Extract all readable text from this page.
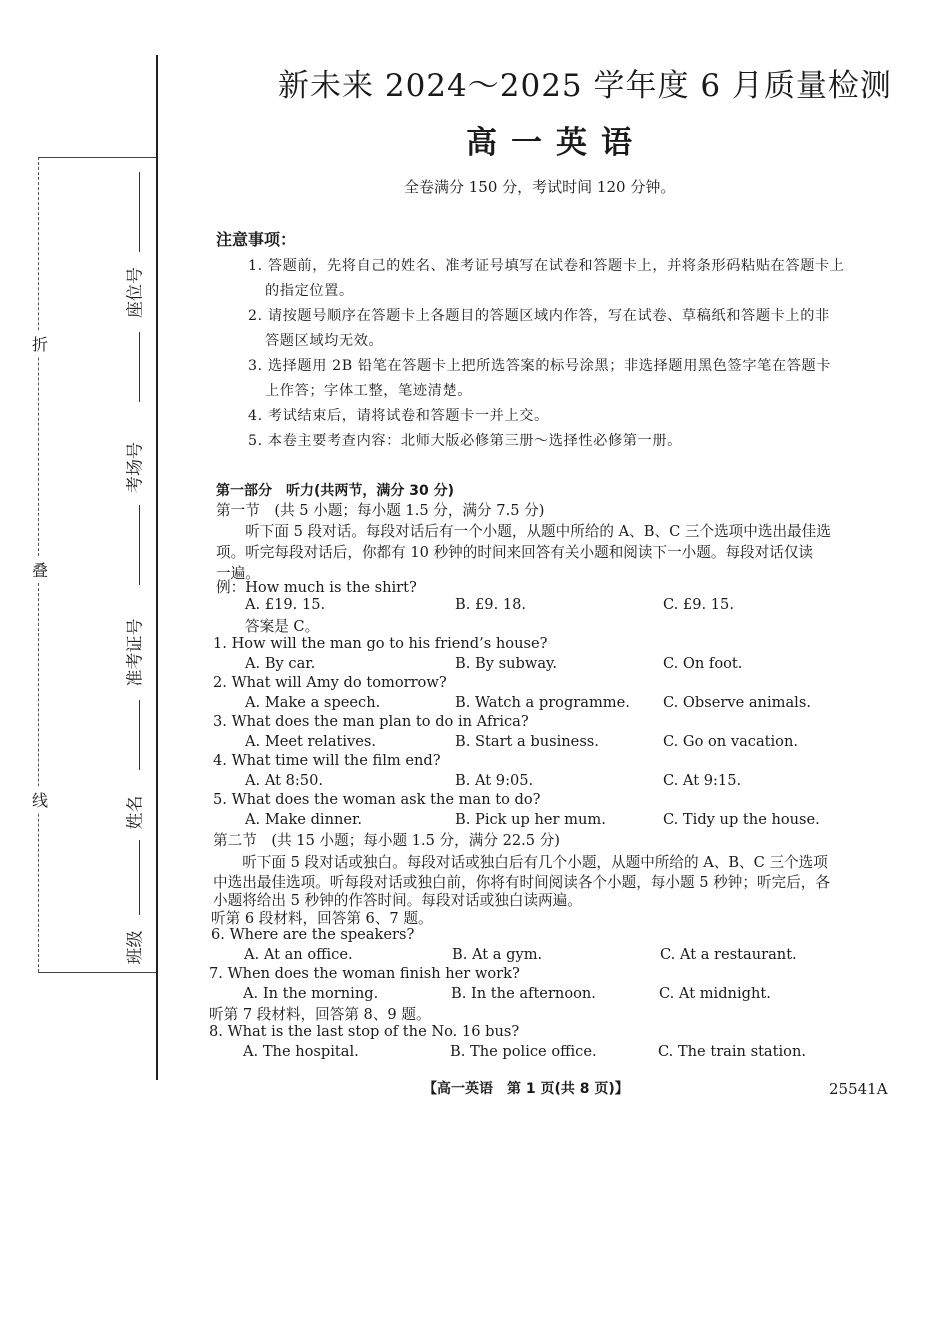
折
叠
线
座位号
考场号
准考证号
姓名
班级
新未来 2024～2025 学年度 6 月质量检测
高一英语
全卷满分 150 分，考试时间 120 分钟。
注意事项：
1. 答题前，先将自己的姓名、准考证号填写在试卷和答题卡上，并将条形码粘贴在答题卡上
的指定位置。
2. 请按题号顺序在答题卡上各题目的答题区域内作答，写在试卷、草稿纸和答题卡上的非
答题区域均无效。
3. 选择题用 2B 铅笔在答题卡上把所选答案的标号涂黑；非选择题用黑色签字笔在答题卡
上作答；字体工整，笔迹清楚。
4. 考试结束后，请将试卷和答题卡一并上交。
5. 本卷主要考查内容：北师大版必修第三册～选择性必修第一册。
第一部分　听力(共两节，满分 30 分)
第一节　(共 5 小题；每小题 1.5 分，满分 7.5 分)
　　听下面 5 段对话。每段对话后有一个小题，从题中所给的 A、B、C 三个选项中选出最佳选
项。听完每段对话后，你都有 10 秒钟的时间来回答有关小题和阅读下一小题。每段对话仅读
一遍。
例：How much is the shirt?
A. £19. 15.	B. £9. 18.	C. £9. 15.
答案是 C。
1. How will the man go to his friend’s house?
A. By car.	B. By subway.	C. On foot.
2. What will Amy do tomorrow?
A. Make a speech.	B. Watch a programme. C. Observe animals.
3. What does the man plan to do in Africa?
A. Meet relatives.	B. Start a business.	C. Go on vacation.
4. What time will the film end?
A. At 8:50.	B. At 9:05.	C. At 9:15.
5. What does the woman ask the man to do?
A. Make dinner.	B. Pick up her mum.	C. Tidy up the house.
第二节　(共 15 小题；每小题 1.5 分，满分 22.5 分)
　　听下面 5 段对话或独白。每段对话或独白后有几个小题，从题中所给的 A、B、C 三个选项
中选出最佳选项。听每段对话或独白前，你将有时间阅读各个小题，每小题 5 秒钟；听完后，各
小题将给出 5 秒钟的作答时间。每段对话或独白读两遍。
听第 6 段材料，回答第 6、7 题。
6. Where are the speakers?
A. At an office.	B. At a gym.	C. At a restaurant.
7. When does the woman finish her work?
A. In the morning.	B. In the afternoon.	C. At midnight.
听第 7 段材料，回答第 8、9 题。
8. What is the last stop of the No. 16 bus?
A. The hospital.	B. The police office.	C. The train station.
【高一英语　第 1 页(共 8 页)】	25541A
